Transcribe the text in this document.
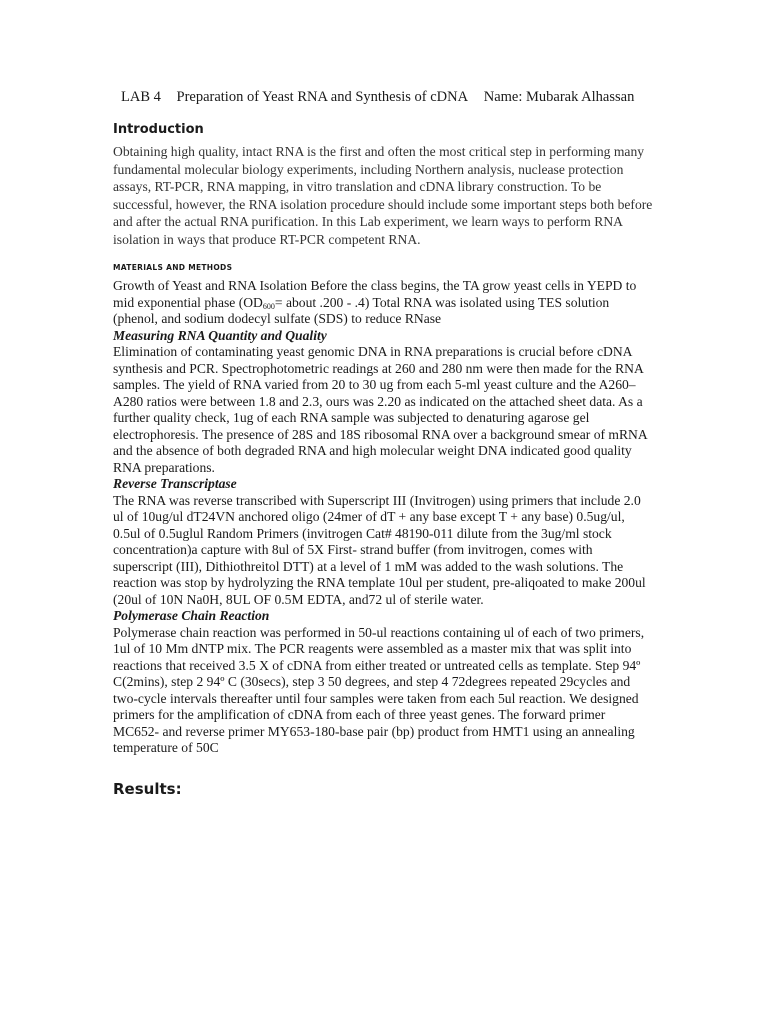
LAB 4 Preparation of Yeast RNA and Synthesis of cDNA Name: Mubarak Alhassan
Introduction

Obtaining high quality, intact RNA is the first and often the most critical step in performing many fundamental molecular biology experiments, including Northern analysis, nuclease protection assays, RT-PCR, RNA mapping, in vitro translation and cDNA library construction. To be successful, however, the RNA isolation procedure should include some important steps both before and after the actual RNA purification. In this Lab experiment, we learn ways to perform RNA isolation in ways that produce RT-PCR competent RNA.

MATERIALS AND METHODS

Growth of Yeast and RNA Isolation Before the class begins, the TA grow yeast cells in YEPD to mid exponential phase ($OD_{600}=$ about .200 - .4) Total RNA was isolated using TES solution (phenol, and sodium dodecyl sulfate (SDS) to reduce RNase

Measuring RNA Quantity and Quality

Elimination of contaminating yeast genomic DNA in RNA preparations is crucial before cDNA synthesis and PCR. Spectrophotometric readings at 260 and 280 nm were then made for the RNA samples. The yield of RNA varied from 20 to 30 ug from each 5-ml yeast culture and the A260–A280 ratios were between 1.8 and 2.3, ours was 2.20 as indicated on the attached sheet data. As a further quality check, 1ug of each RNA sample was subjected to denaturing agarose gel electrophoresis. The presence of 28S and 18S ribosomal RNA over a background smear of mRNA and the absence of both degraded RNA and high molecular weight DNA indicated good quality RNA preparations.

Reverse Transcriptase

The RNA was reverse transcribed with Superscript III (Invitrogen) using primers that include 2.0 ul of 10ug/ul dT24VN anchored oligo (24mer of dT + any base except T + any base) 0.5ug/ul, 0.5ul of 0.5uglul Random Primers (invitrogen Cat# 48190-011 dilute from the 3ug/ml stock concentration)a capture with 8ul of 5X First- strand buffer (from invitrogen, comes with superscript (III), Dithiothreitol DTT) at a level of 1 mM was added to the wash solutions. The reaction was stop by hydrolyzing the RNA template 10ul per student, pre-aliqoated to make 200ul (20ul of 10N Na0H, 8UL OF 0.5M EDTA, and72 ul of sterile water.

Polymerase Chain Reaction

Polymerase chain reaction was performed in 50-ul reactions containing ul of each of two primers, 1ul of 10 Mm dNTP mix. The PCR reagents were assembled as a master mix that was split into reactions that received 3.5 X of cDNA from either treated or untreated cells as template. Step 94º C(2mins), step 2 94º C (30secs), step 3 50 degrees, and step 4 72degrees repeated 29cycles and two-cycle intervals thereafter until four samples were taken from each 5ul reaction. We designed primers for the amplification of cDNA from each of three yeast genes. The forward primer MC652- and reverse primer MY653-180-base pair (bp) product from HMT1 using an annealing temperature of 50C

Results:
